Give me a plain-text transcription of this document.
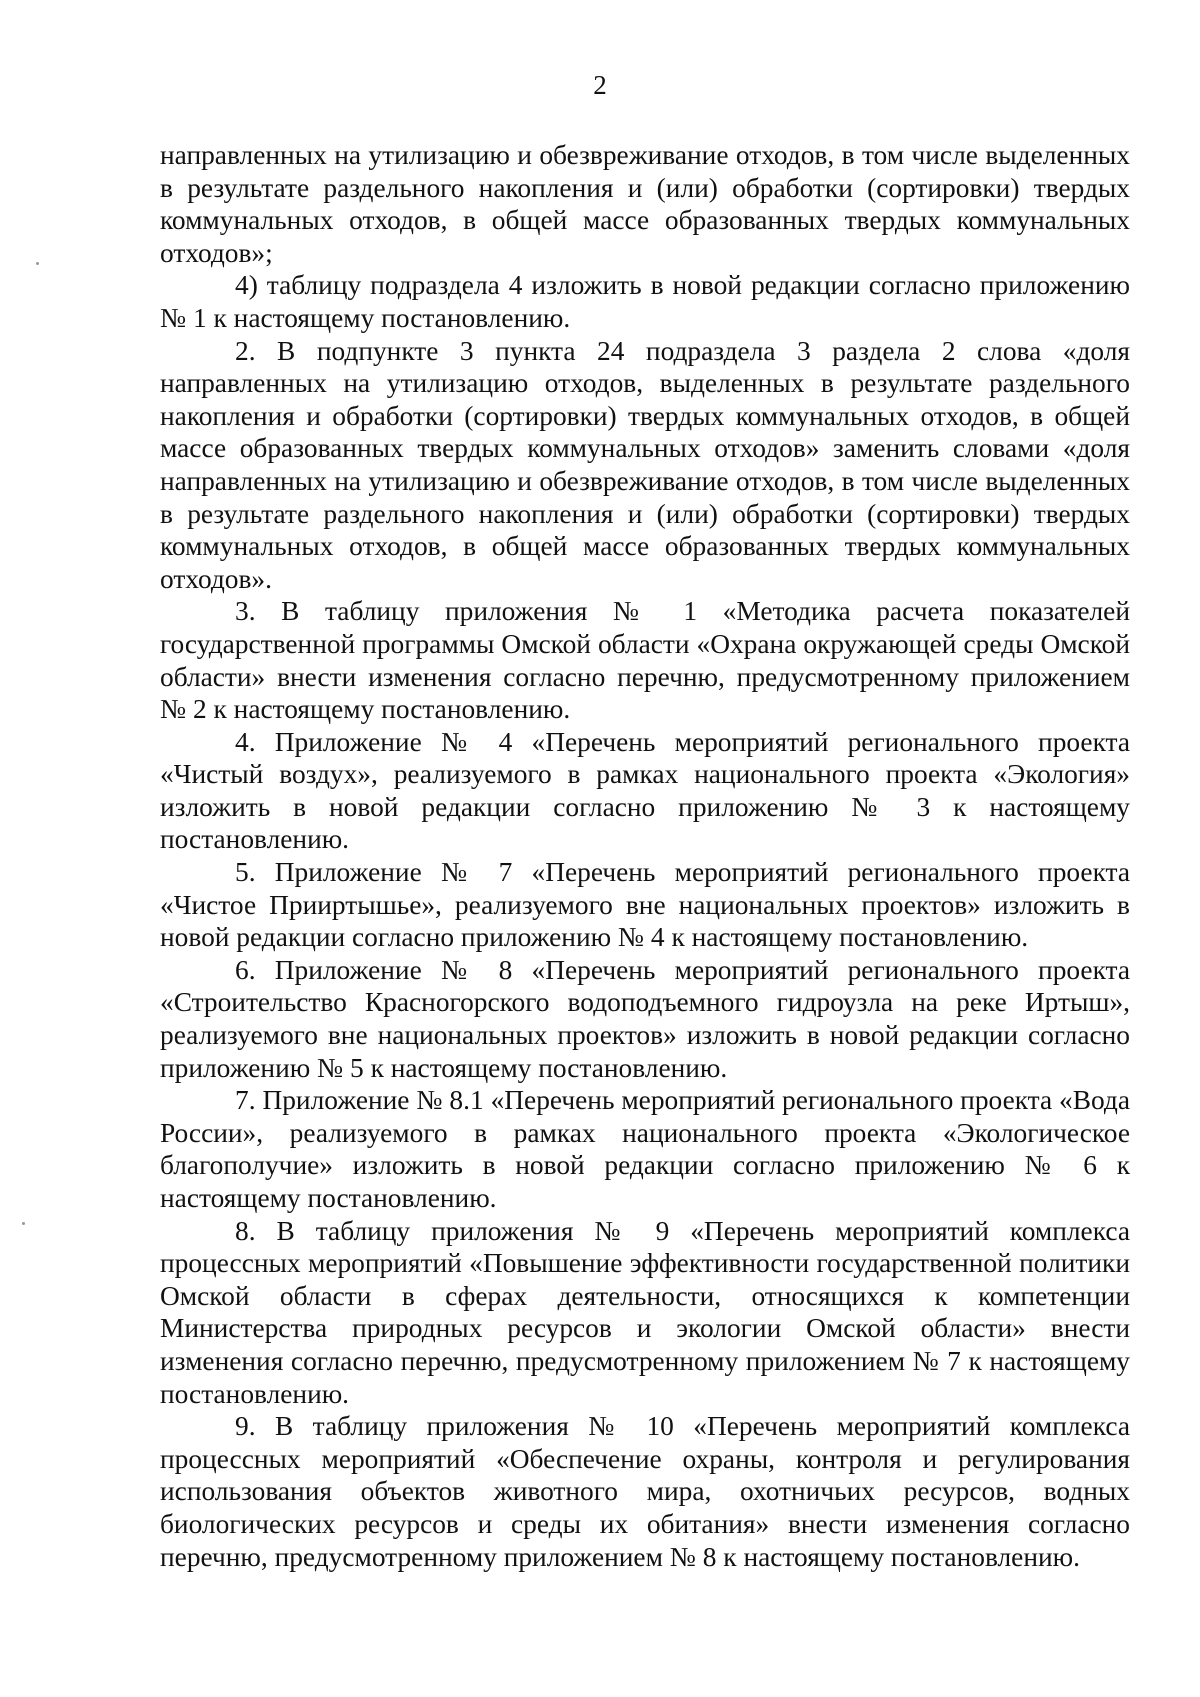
2

направленных на утилизацию и обезвреживание отходов, в том числе выделенных в результате раздельного накопления и (или) обработки (сортировки) твердых коммунальных отходов, в общей массе образованных твердых коммунальных отходов»;

4) таблицу подраздела 4 изложить в новой редакции согласно приложению № 1 к настоящему постановлению.

2. В подпункте 3 пункта 24 подраздела 3 раздела 2 слова «доля направленных на утилизацию отходов, выделенных в результате раздельного накопления и обработки (сортировки) твердых коммунальных отходов, в общей массе образованных твердых коммунальных отходов» заменить словами «доля направленных на утилизацию и обезвреживание отходов, в том числе выделенных в результате раздельного накопления и (или) обработки (сортировки) твердых коммунальных отходов, в общей массе образованных твердых коммунальных отходов».

3. В таблицу приложения № 1 «Методика расчета показателей государственной программы Омской области «Охрана окружающей среды Омской области» внести изменения согласно перечню, предусмотренному приложением № 2 к настоящему постановлению.

4. Приложение № 4 «Перечень мероприятий регионального проекта «Чистый воздух», реализуемого в рамках национального проекта «Экология» изложить в новой редакции согласно приложению № 3 к настоящему постановлению.

5. Приложение № 7 «Перечень мероприятий регионального проекта «Чистое Прииртышье», реализуемого вне национальных проектов» изложить в новой редакции согласно приложению № 4 к настоящему постановлению.

6. Приложение № 8 «Перечень мероприятий регионального проекта «Строительство Красногорского водоподъемного гидроузла на реке Иртыш», реализуемого вне национальных проектов» изложить в новой редакции согласно приложению № 5 к настоящему постановлению.

7. Приложение № 8.1 «Перечень мероприятий регионального проекта «Вода России», реализуемого в рамках национального проекта «Экологическое благополучие» изложить в новой редакции согласно приложению № 6 к настоящему постановлению.

8. В таблицу приложения № 9 «Перечень мероприятий комплекса процессных мероприятий «Повышение эффективности государственной политики Омской области в сферах деятельности, относящихся к компетенции Министерства природных ресурсов и экологии Омской области» внести изменения согласно перечню, предусмотренному приложением № 7 к настоящему постановлению.

9. В таблицу приложения № 10 «Перечень мероприятий комплекса процессных мероприятий «Обеспечение охраны, контроля и регулирования использования объектов животного мира, охотничьих ресурсов, водных биологических ресурсов и среды их обитания» внести изменения согласно перечню, предусмотренному приложением № 8 к настоящему постановлению.
